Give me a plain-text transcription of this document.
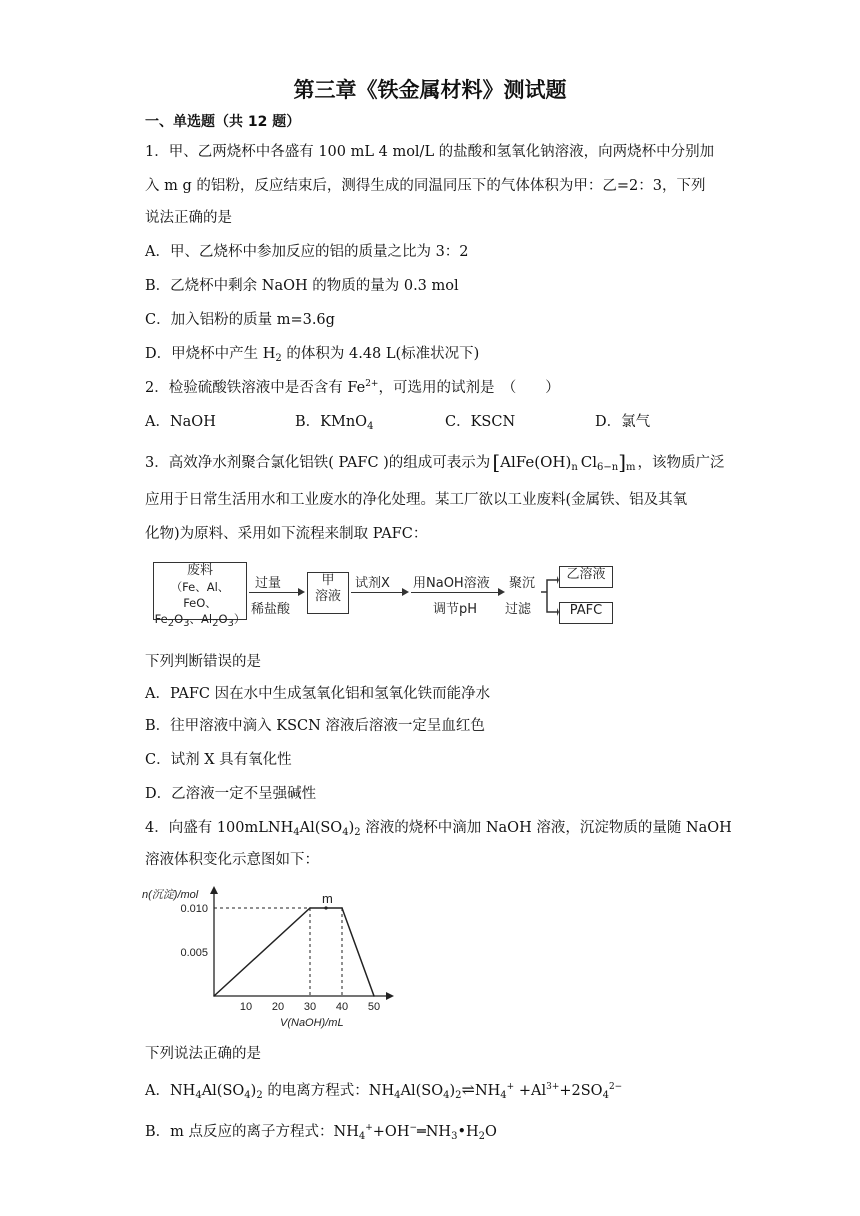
第三章《铁金属材料》测试题
一、单选题（共 12 题）
1．甲、乙两烧杯中各盛有 100 mL 4 mol/L 的盐酸和氢氧化钠溶液，向两烧杯中分别加
入 m g 的铝粉，反应结束后，测得生成的同温同压下的气体体积为甲：乙=2：3，下列
说法正确的是
A．甲、乙烧杯中参加反应的铝的质量之比为 3：2
B．乙烧杯中剩余 NaOH 的物质的量为 0.3 mol
C．加入铝粉的质量 m=3.6g
D．甲烧杯中产生 $H_2$ 的体积为 4.48 L(标准状况下)
2．检验硫酸铁溶液中是否含有 $Fe^{2+}$，可选用的试剂是　（　　）
A．NaOH	B．KMnO$_4$	C．KSCN	D．氯气
3．高效净水剂聚合氯化铝铁( PAFC )的组成可表示为 [$AlFe(OH)_n$  $Cl_{6-n}]_m$ ，该物质广泛
应用于日常生活用水和工业废水的净化处理。某工厂欲以工业废料(金属铁、铝及其氧
化物)为原料、采用如下流程来制取 PAFC：
废料
（Fe、Al、FeO、
$Fe_2O_3$、$Al_2O_3$）
过量
稀盐酸
甲
溶液
试剂X 用NaOH溶液
调节pH
聚沉
过滤
乙溶液
PAFC
下列判断错误的是
A．PAFC 因在水中生成氢氧化铝和氢氧化铁而能净水
B．往甲溶液中滴入 KSCN 溶液后溶液一定呈血红色
C．试剂 X 具有氧化性
D．乙溶液一定不呈强碱性
4．向盛有 $100mLNH_4Al(SO_4)_2$ 溶液的烧杯中滴加 NaOH 溶液，沉淀物质的量随 NaOH
溶液体积变化示意图如下：
n(沉淀)/mol
10 20 30 40 50
0.005
0.010
m
V(NaOH)/mL
下列说法正确的是
A．$NH_4Al(SO_4)_2$ 的电离方程式：$NH_4Al(SO_4)_2\rightleftharpoons NH_4^+ +Al^{3+}+2SO_4^{2-}$
B．m 点反应的离子方程式：$NH_4^++OH^-═NH_3•H_2O$
